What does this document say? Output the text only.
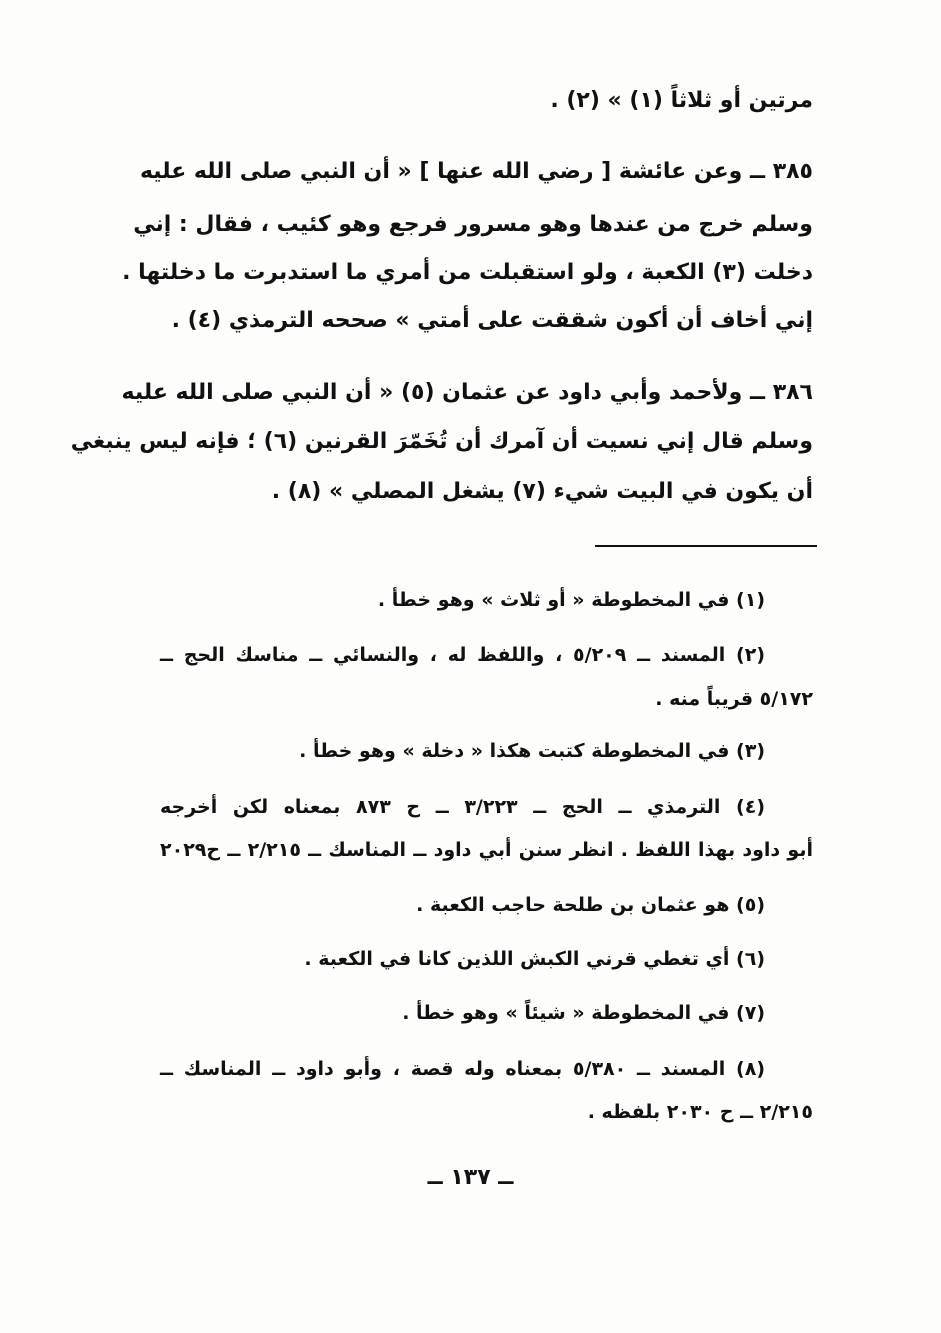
مرتين أو ثلاثاً (١) » (٢) .
٣٨٥ ــ وعن عائشة [ رضي الله عنها ] « أن النبي صلى الله عليه
وسلم خرج من عندها وهو مسرور فرجع وهو كئيب ، فقال : إني
دخلت (٣) الكعبة ، ولو استقبلت من أمري ما استدبرت ما دخلتها .
إني أخاف أن أكون شققت على أمتي » صححه الترمذي (٤) .
٣٨٦ ــ ولأحمد وأبي داود عن عثمان (٥) « أن النبي صلى الله عليه
وسلم قال إني نسيت أن آمرك أن تُخَمّرَ القرنين (٦) ؛ فإنه ليس ينبغي
أن يكون في البيت شيء (٧) يشغل المصلي » (٨) .
(١) في المخطوطة « أو ثلاث » وهو خطأ .
(٢) المسند ــ ٥/٢٠٩ ، واللفظ له ، والنسائي ــ مناسك الحج ــ
٥/١٧٢ قريباً منه .
(٣) في المخطوطة كتبت هكذا « دخلة » وهو خطأ .
(٤) الترمذي ــ الحج ــ ٣/٢٢٣ ــ ح ٨٧٣ بمعناه لكن أخرجه
أبو داود بهذا اللفظ . انظر سنن أبي داود ــ المناسك ــ ٢/٢١٥ ــ ح٢٠٢٩
(٥) هو عثمان بن طلحة حاجب الكعبة .
(٦) أي تغطي قرني الكبش اللذين كانا في الكعبة .
(٧) في المخطوطة « شيئاً » وهو خطأ .
(٨) المسند ــ ٥/٣٨٠ بمعناه وله قصة ، وأبو داود ــ المناسك ــ
٢/٢١٥ ــ ح ٢٠٣٠ بلفظه .
ــ ١٣٧ ــ
